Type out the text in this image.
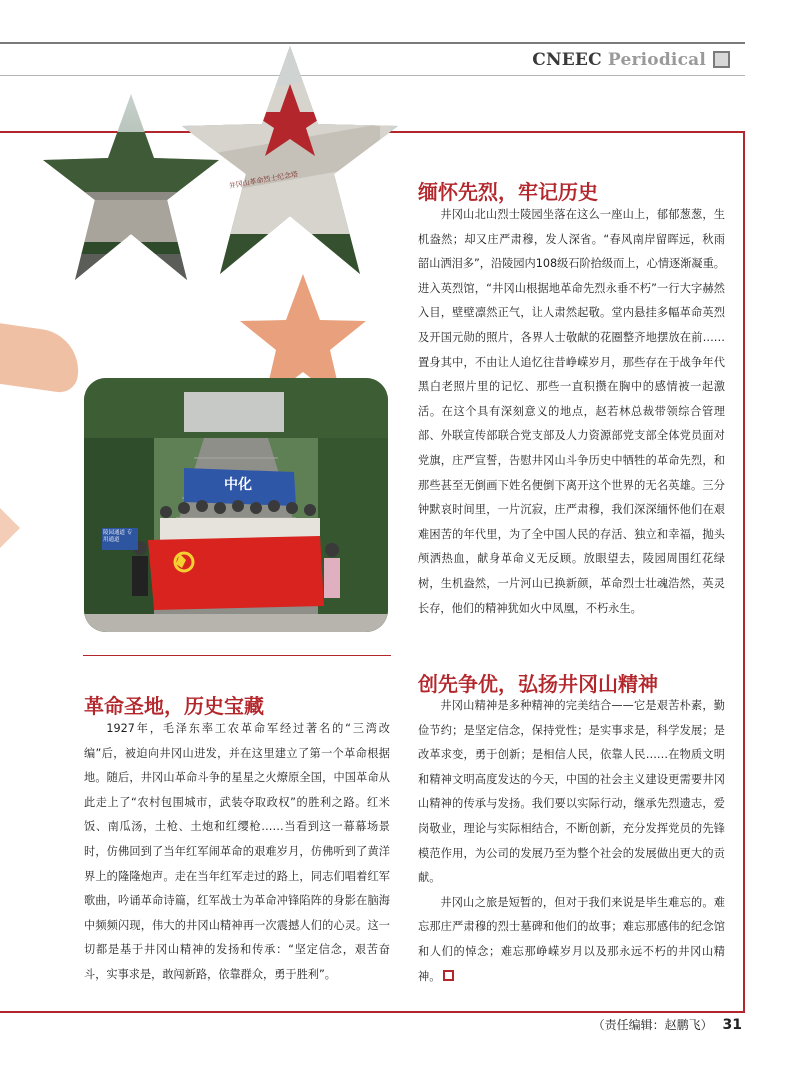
CNEEC Periodical
井冈山革命烈士纪念塔
中化
陵园通道 专用通道
缅怀先烈，牢记历史

井冈山北山烈士陵园坐落在这么一座山上，郁郁葱葱，生机盎然；却又庄严肃穆，发人深省。“春风南岸留晖远，秋雨韶山洒泪多”，沿陵园内108级石阶拾级而上，心情逐渐凝重。进入英烈馆，“井冈山根据地革命先烈永垂不朽”一行大字赫然入目，壁壁凛然正气，让人肃然起敬。堂内悬挂多幅革命英烈及开国元勋的照片，各界人士敬献的花圈整齐地摆放在前……置身其中，不由让人追忆往昔峥嵘岁月，那些存在于战争年代黑白老照片里的记忆、那些一直积攒在胸中的感情被一起激活。在这个具有深刻意义的地点，赵若林总裁带领综合管理部、外联宣传部联合党支部及人力资源部党支部全体党员面对党旗，庄严宣誓，告慰井冈山斗争历史中牺牲的革命先烈，和那些甚至无倒画下姓名便倒下离开这个世界的无名英雄。三分钟默哀时间里，一片沉寂，庄严肃穆，我们深深缅怀他们在艰难困苦的年代里，为了全中国人民的存活、独立和幸福，抛头颅洒热血，献身革命义无反顾。放眼望去，陵园周围红花绿树，生机盎然，一片河山已换新颜，革命烈士壮魂浩然，英灵长存，他们的精神犹如火中凤凰，不朽永生。

创先争优，弘扬井冈山精神

井冈山精神是多种精神的完美结合——它是艰苦朴素，勤俭节约；是坚定信念，保持党性；是实事求是，科学发展；是改革求变，勇于创新；是相信人民，依靠人民……在物质文明和精神文明高度发达的今天，中国的社会主义建设更需要井冈山精神的传承与发扬。我们要以实际行动，继承先烈遗志，爱岗敬业，理论与实际相结合，不断创新，充分发挥党员的先锋模范作用，为公司的发展乃至为整个社会的发展做出更大的贡献。

井冈山之旅是短暂的，但对于我们来说是毕生难忘的。难忘那庄严肃穆的烈士墓碑和他们的故事；难忘那感伟的纪念馆和人们的悼念；难忘那峥嵘岁月以及那永远不朽的井冈山精神。

革命圣地，历史宝藏

1927年，毛泽东率工农革命军经过著名的“三湾改编”后，被迫向井冈山进发，并在这里建立了第一个革命根据地。随后，井冈山革命斗争的星星之火燎原全国，中国革命从此走上了“农村包围城市，武装夺取政权”的胜利之路。红米饭、南瓜汤，土枪、土炮和红缨枪……当看到这一幕幕场景时，仿佛回到了当年红军闹革命的艰难岁月，仿佛听到了黄洋界上的隆隆炮声。走在当年红军走过的路上，同志们唱着红军歌曲，吟诵革命诗篇，红军战士为革命冲锋陷阵的身影在脑海中频频闪现，伟大的井冈山精神再一次震撼人们的心灵。这一切都是基于井冈山精神的发扬和传承：“坚定信念，艰苦奋斗，实事求是，敢闯新路，依靠群众，勇于胜利”。

（责任编辑：赵鹏飞） 31
